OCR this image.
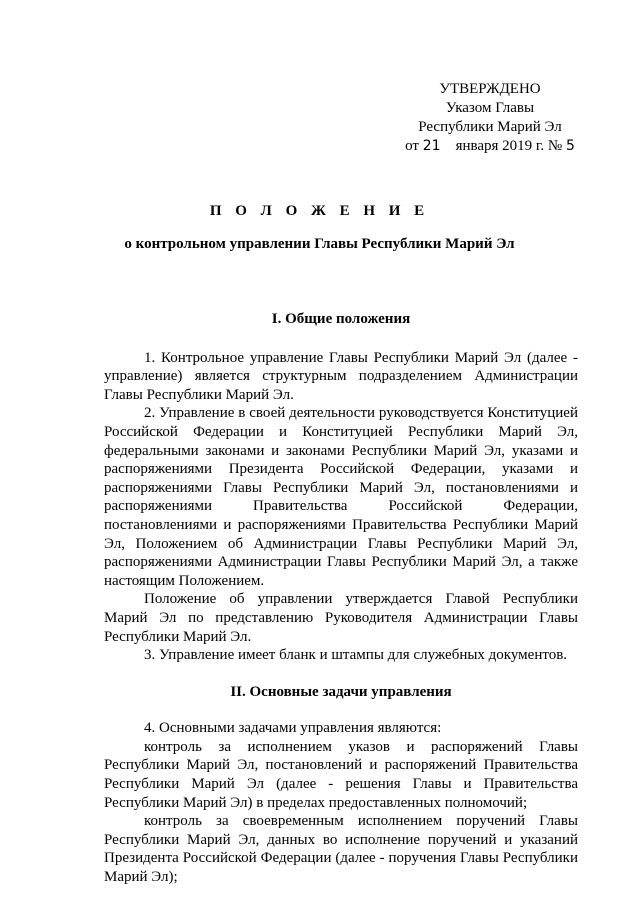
УТВЕРЖДЕНО
Указом Главы
Республики Марий Эл
от 21 января 2019 г. № 5
П О Л О Ж Е Н И Е
о контрольном управлении Главы Республики Марий Эл

I. Общие положения

1. Контрольное управление Главы Республики Марий Эл (далее - управление) является структурным подразделением Администрации Главы Республики Марий Эл.

2. Управление в своей деятельности руководствуется Конституцией Российской Федерации и Конституцией Республики Марий Эл, федеральными законами и законами Республики Марий Эл, указами и распоряжениями Президента Российской Федерации, указами и распоряжениями Главы Республики Марий Эл, постановлениями и распоряжениями Правительства Российской Федерации, постановлениями и распоряжениями Правительства Республики Марий Эл, Положением об Администрации Главы Республики Марий Эл, распоряжениями Администрации Главы Республики Марий Эл, а также настоящим Положением.

Положение об управлении утверждается Главой Республики Марий Эл по представлению Руководителя Администрации Главы Республики Марий Эл.

3. Управление имеет бланк и штампы для служебных документов.

II. Основные задачи управления

4. Основными задачами управления являются:

контроль за исполнением указов и распоряжений Главы Республики Марий Эл, постановлений и распоряжений Правительства Республики Марий Эл (далее - решения Главы и Правительства Республики Марий Эл) в пределах предоставленных полномочий;

контроль за своевременным исполнением поручений Главы Республики Марий Эл, данных во исполнение поручений и указаний Президента Российской Федерации (далее - поручения Главы Республики Марий Эл);
